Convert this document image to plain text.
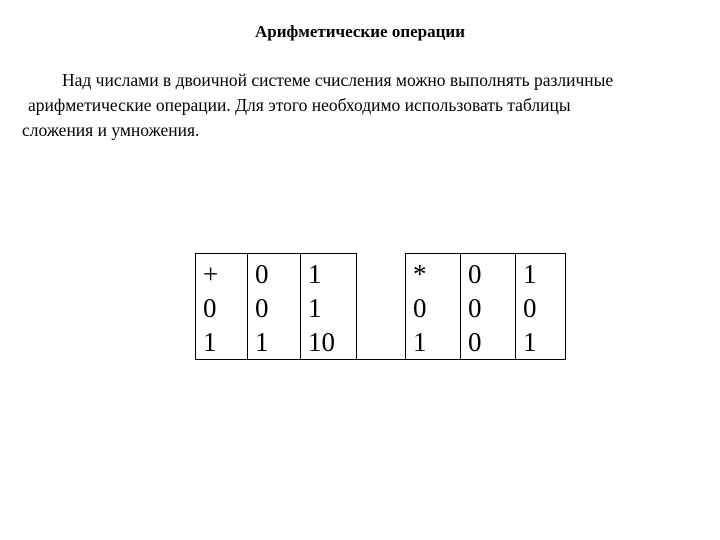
Арифметические операции
Над числами в двоичной системе счисления можно выполнять различные
арифметические операции. Для этого необходимо использовать таблицы
сложения и умножения.
+	0	1		*	0	1
0	0	1		0	0	0
1	1	10		1	0	1
